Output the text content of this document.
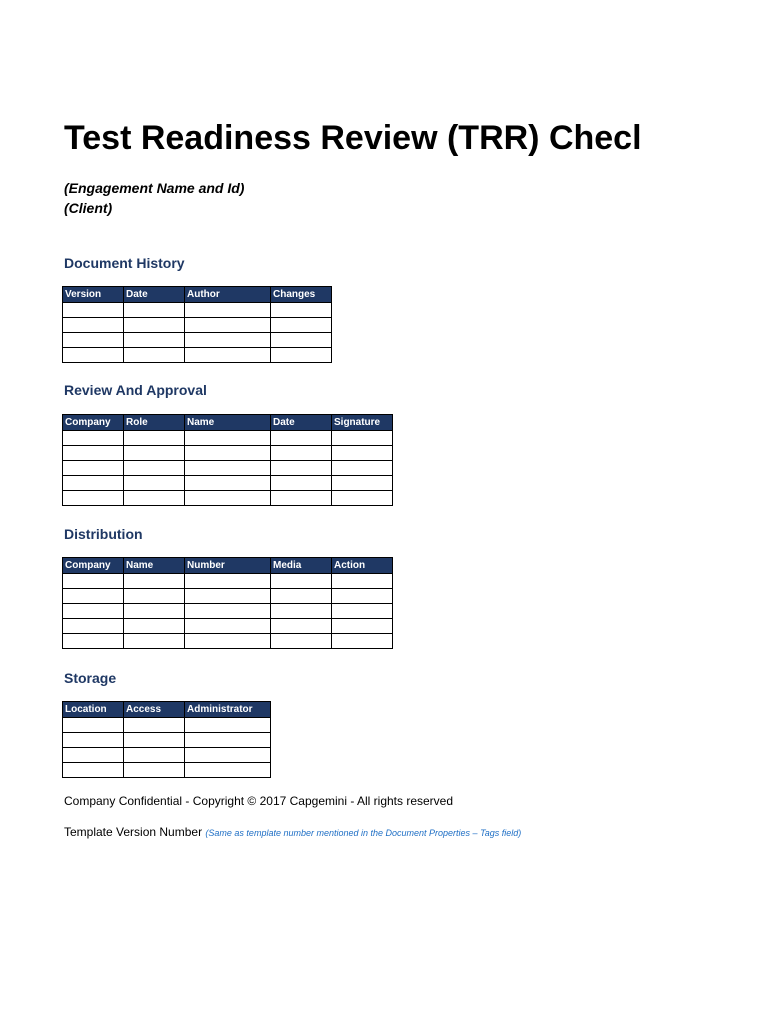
Test Readiness Review (TRR) Checl

(Engagement Name and Id)

(Client)

Document History
Version	Date	Author	Changes

Review And Approval
Company	Role	Name	Date	Signature

Distribution
Company	Name	Number	Media	Action

Storage
Location	Access	Administrator

Company Confidential - Copyright © 2017 Capgemini - All rights reserved

Template Version Number (Same as template number mentioned in the Document Properties – Tags field)
